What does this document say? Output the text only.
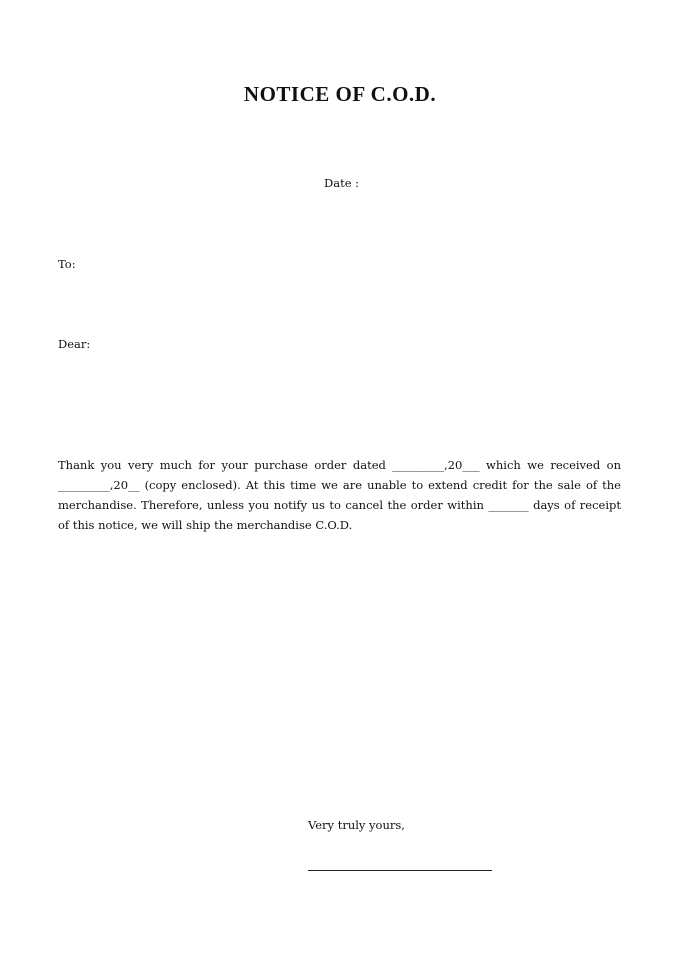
NOTICE OF C.O.D.
Date :
To:
Dear:

Thank you very much for your purchase order dated _________,20___ which we received on _________,20__ (copy enclosed). At this time we are unable to extend credit for the sale of the merchandise. Therefore, unless you notify us to cancel the order within _______ days of receipt of this notice, we will ship the merchandise C.O.D.

Very truly yours,
